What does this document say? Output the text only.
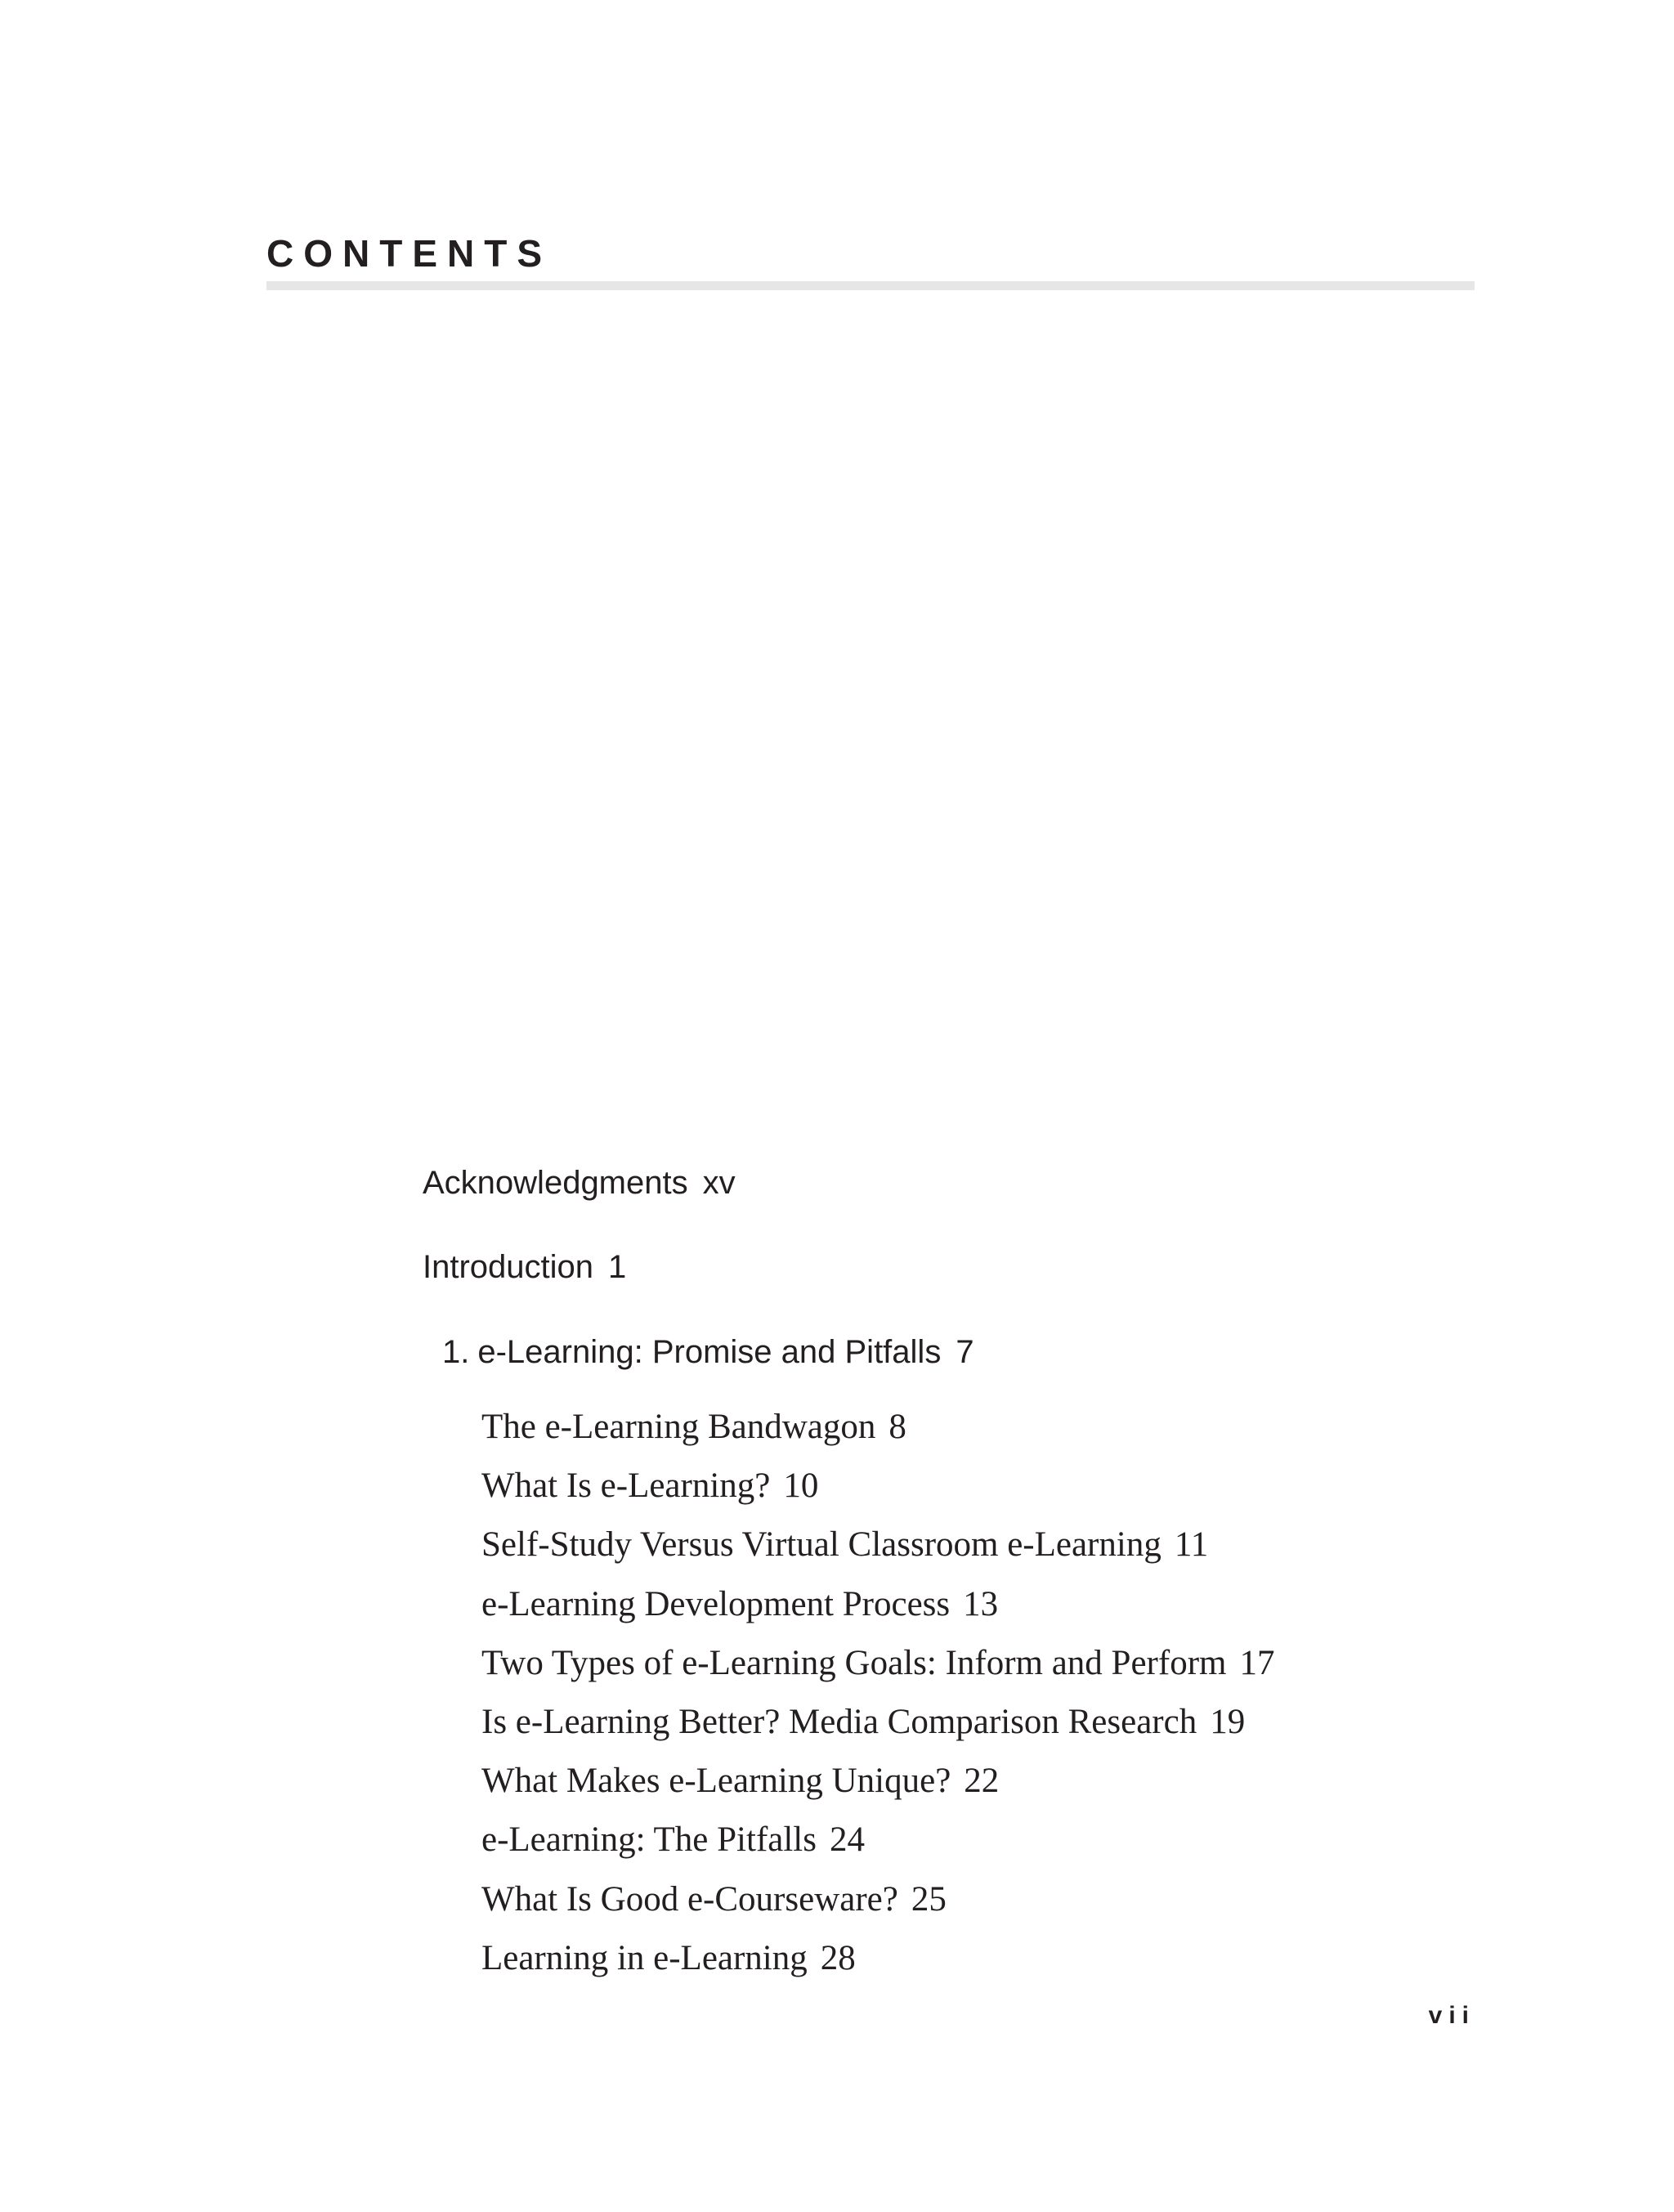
CONTENTS
Acknowledgments xv
Introduction 1
1. e-Learning: Promise and Pitfalls 7
The e-Learning Bandwagon 8
What Is e-Learning? 10
Self-Study Versus Virtual Classroom e-Learning 11
e-Learning Development Process 13
Two Types of e-Learning Goals: Inform and Perform 17
Is e-Learning Better? Media Comparison Research 19
What Makes e-Learning Unique? 22
e-Learning: The Pitfalls 24
What Is Good e-Courseware? 25
Learning in e-Learning 28
vii
